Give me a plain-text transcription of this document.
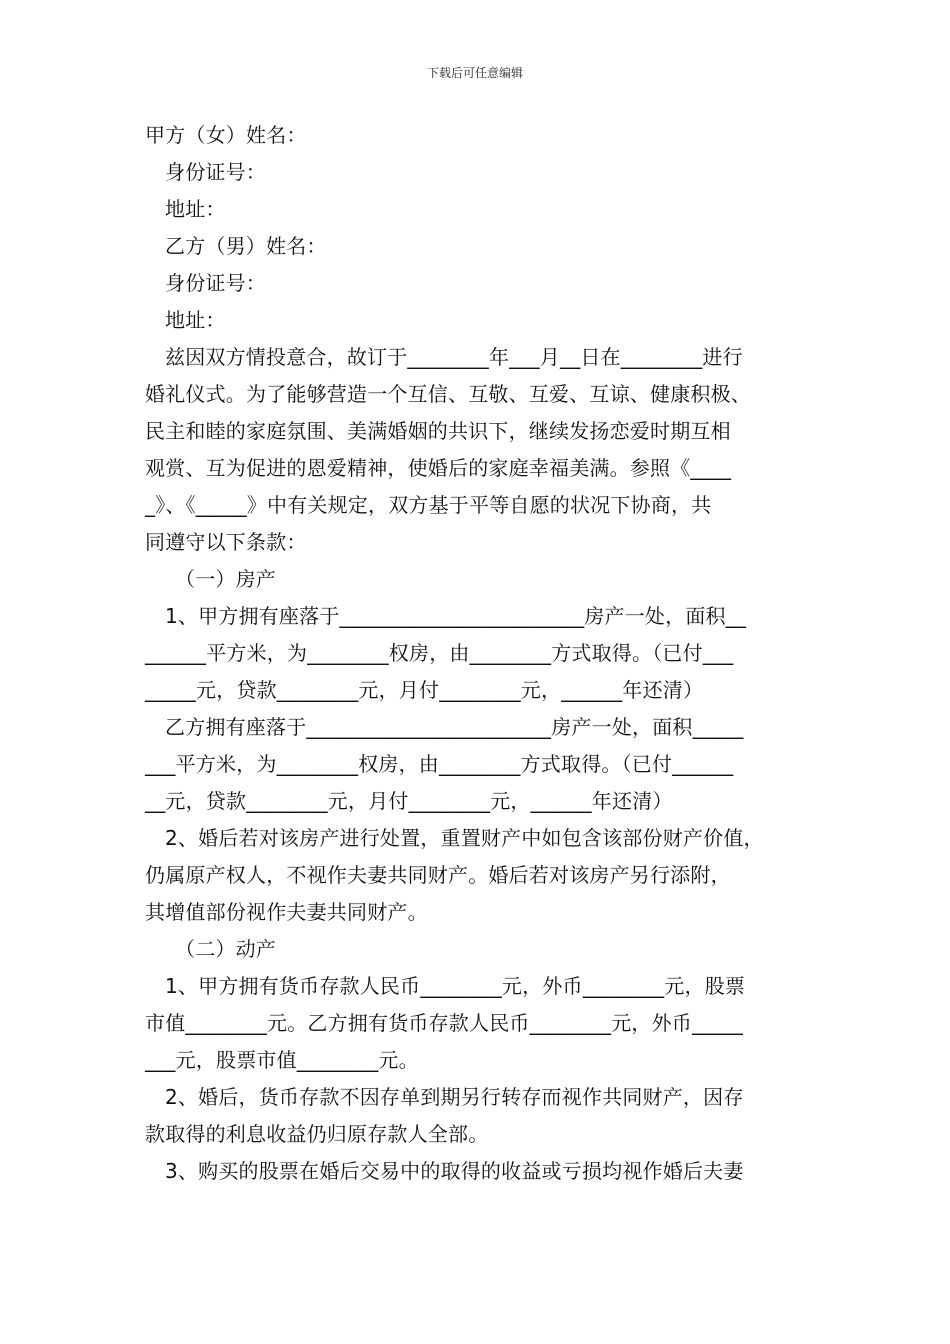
下载后可任意编辑
甲方（女）姓名：
身份证号：
地址：
乙方（男）姓名：
身份证号：
地址：
兹因双方情投意合，故订于________年___月__日在________进行
婚礼仪式。为了能够营造一个互信、互敬、互爱、互谅、健康积极、
民主和睦的家庭氛围、美满婚姻的共识下，继续发扬恋爱时期互相
观赏、互为促进的恩爱精神，使婚后的家庭幸福美满。参照《____
_》、《_____》中有关规定，双方基于平等自愿的状况下协商，共
同遵守以下条款：
（一）房产
1、甲方拥有座落于________________________房产一处，面积__
______平方米，为________权房，由________方式取得。（已付___
_____元，贷款________元，月付________元，______年还清）
乙方拥有座落于________________________房产一处，面积_____
___平方米，为________权房，由________方式取得。（已付______
__元，贷款________元，月付________元，______年还清）
2、婚后若对该房产进行处置，重置财产中如包含该部份财产价值，
仍属原产权人，不视作夫妻共同财产。婚后若对该房产另行添附，
其增值部份视作夫妻共同财产。
（二）动产
1、甲方拥有货币存款人民币________元，外币________元，股票
市值________元。乙方拥有货币存款人民币________元，外币_____
___元，股票市值________元。
2、婚后，货币存款不因存单到期另行转存而视作共同财产，因存
款取得的利息收益仍归原存款人全部。
3、购买的股票在婚后交易中的取得的收益或亏损均视作婚后夫妻
